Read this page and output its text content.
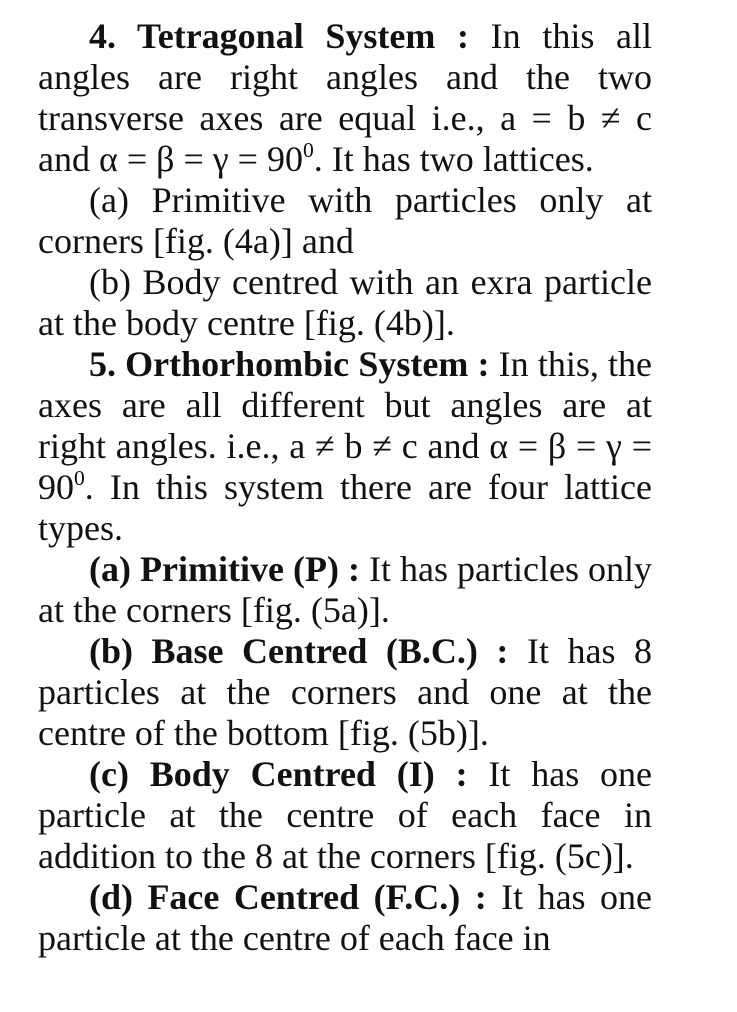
4. Tetragonal System : In this all angles are right angles and the two transverse axes are equal i.e., a = b ≠ c and $\alpha = \beta = \gamma = 90^0$. It has two lattices.

(a) Primitive with particles only at corners [fig. (4a)] and

(b) Body centred with an exra particle at the body centre [fig. (4b)].

5. Orthorhombic System : In this, the axes are all different but angles are at right angles. i.e., a ≠ b ≠ c and $\alpha = \beta = \gamma = 90^0$. In this system there are four lattice types.

(a) Primitive (P) : It has particles only at the corners [fig. (5a)].

(b) Base Centred (B.C.) : It has 8 particles at the corners and one at the centre of the bottom [fig. (5b)].

(c) Body Centred (I) : It has one particle at the centre of each face in addition to the 8 at the corners [fig. (5c)].

(d) Face Centred (F.C.) : It has one particle at the centre of each face in
